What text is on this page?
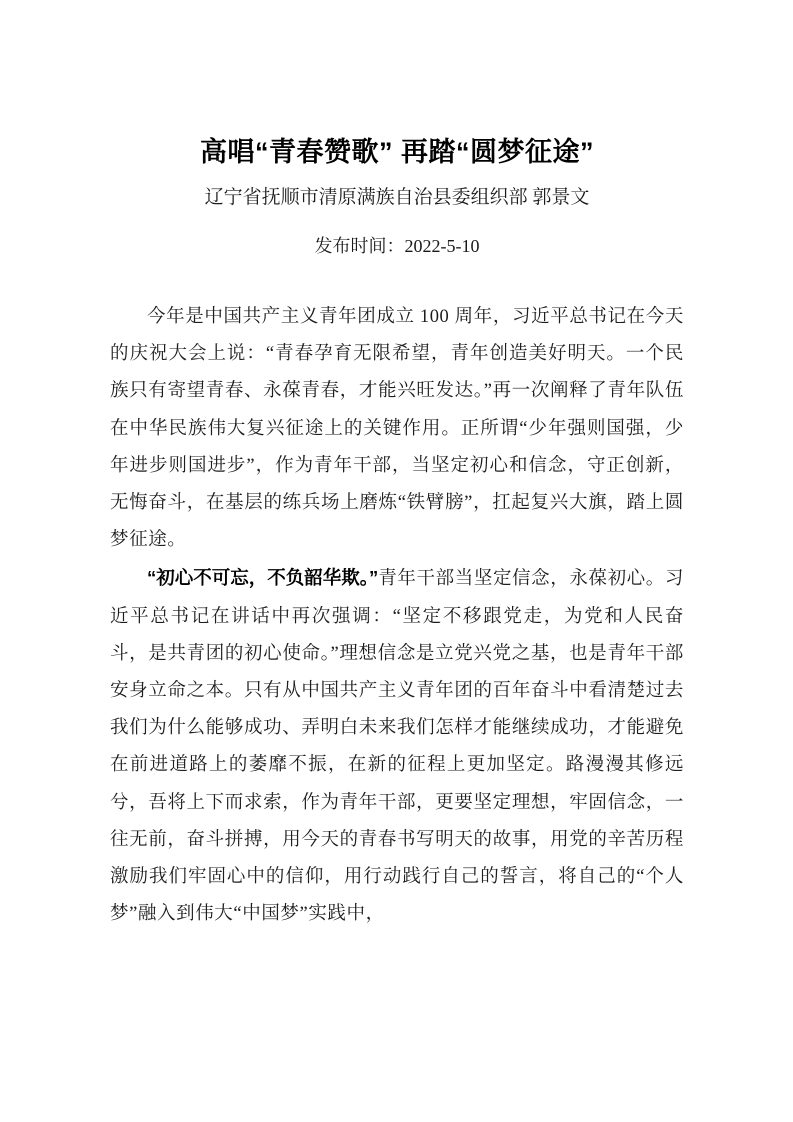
高唱“青春赞歌” 再踏“圆梦征途”
辽宁省抚顺市清原满族自治县委组织部 郭景文
发布时间：2022-5-10

今年是中国共产主义青年团成立 100 周年，习近平总书记在今天的庆祝大会上说：“青春孕育无限希望，青年创造美好明天。一个民族只有寄望青春、永葆青春，才能兴旺发达。”再一次阐释了青年队伍在中华民族伟大复兴征途上的关键作用。正所谓“少年强则国强，少年进步则国进步”，作为青年干部，当坚定初心和信念，守正创新，无悔奋斗，在基层的练兵场上磨炼“铁臂膀”，扛起复兴大旗，踏上圆梦征途。

“初心不可忘，不负韶华欺。”青年干部当坚定信念，永葆初心。习近平总书记在讲话中再次强调：“坚定不移跟党走，为党和人民奋斗，是共青团的初心使命。”理想信念是立党兴党之基，也是青年干部安身立命之本。只有从中国共产主义青年团的百年奋斗中看清楚过去我们为什么能够成功、弄明白未来我们怎样才能继续成功，才能避免在前进道路上的萎靡不振，在新的征程上更加坚定。路漫漫其修远兮，吾将上下而求索，作为青年干部，更要坚定理想，牢固信念，一往无前，奋斗拼搏，用今天的青春书写明天的故事，用党的辛苦历程激励我们牢固心中的信仰，用行动践行自己的誓言，将自己的“个人梦”融入到伟大“中国梦”实践中，
